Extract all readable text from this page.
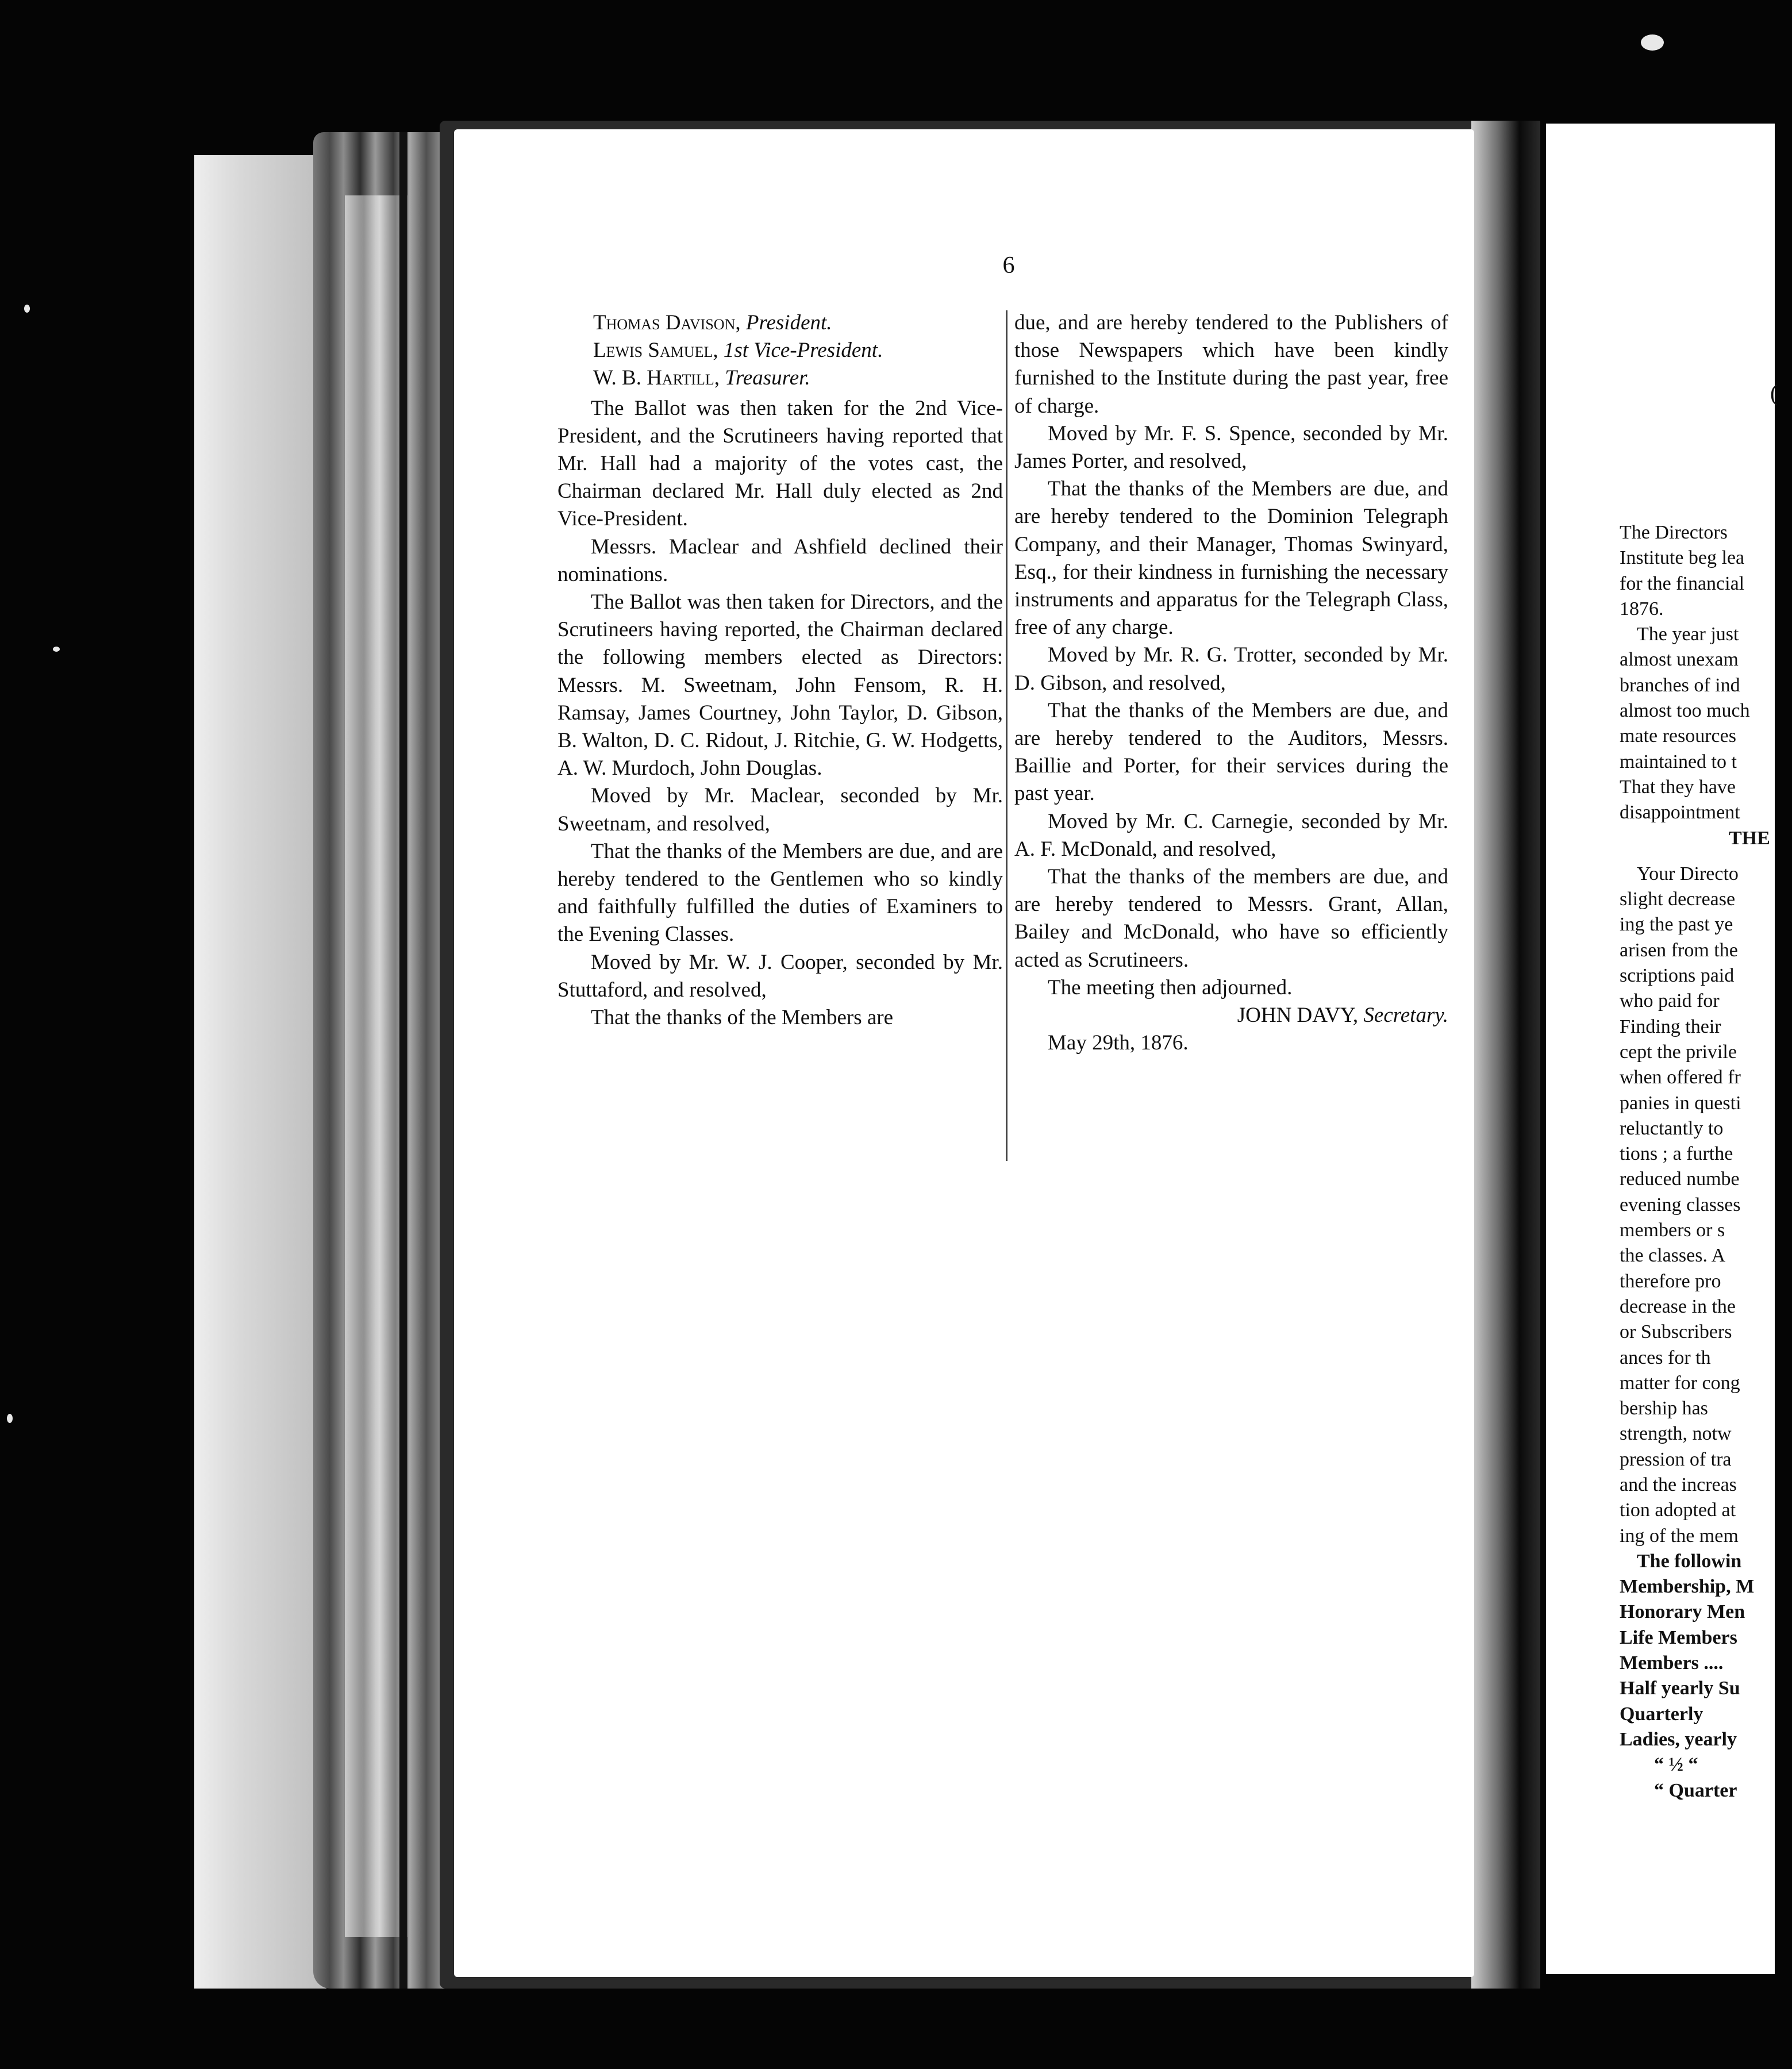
6

Thomas Davison, President.

Lewis Samuel, 1st Vice-President.

W. B. Hartill, Treasurer.

The Ballot was then taken for the 2nd Vice-President, and the Scrutineers having reported that Mr. Hall had a majority of the votes cast, the Chairman declared Mr. Hall duly elected as 2nd Vice-President.

Messrs. Maclear and Ashfield declined their nominations.

The Ballot was then taken for Directors, and the Scrutineers having reported, the Chairman declared the following members elected as Directors: Messrs. M. Sweetnam, John Fensom, R. H. Ramsay, James Courtney, John Taylor, D. Gibson, B. Walton, D. C. Ridout, J. Ritchie, G. W. Hodgetts, A. W. Murdoch, John Douglas.

Moved by Mr. Maclear, seconded by Mr. Sweetnam, and resolved,

That the thanks of the Members are due, and are hereby tendered to the Gentlemen who so kindly and faithfully fulfilled the duties of Examiners to the Evening Classes.

Moved by Mr. W. J. Cooper, seconded by Mr. Stuttaford, and resolved,

That the thanks of the Members are

due, and are hereby tendered to the Publishers of those Newspapers which have been kindly furnished to the Institute during the past year, free of charge.

Moved by Mr. F. S. Spence, seconded by Mr. James Porter, and resolved,

That the thanks of the Members are due, and are hereby tendered to the Dominion Telegraph Company, and their Manager, Thomas Swinyard, Esq., for their kindness in furnishing the necessary instruments and apparatus for the Telegraph Class, free of any charge.

Moved by Mr. R. G. Trotter, seconded by Mr. D. Gibson, and resolved,

That the thanks of the Members are due, and are hereby tendered to the Auditors, Messrs. Baillie and Porter, for their services during the past year.

Moved by Mr. C. Carnegie, seconded by Mr. A. F. McDonald, and resolved,

That the thanks of the members are due, and are hereby tendered to Messrs. Grant, Allan, Bailey and McDonald, who have so efficiently acted as Scrutineers.

The meeting then adjourned.

JOHN DAVY, Secretary.

May 29th, 1876.

(
The Directors
Institute beg lea
for the financial
1876.
The year just
almost unexam
branches of ind
almost too much
mate resources
maintained to t
That they have
disappointment
THE
Your Directo
slight decrease
ing the past ye
arisen from the
scriptions paid
who paid for
Finding their
cept the privile
when offered fr
panies in questi
reluctantly to
tions ; a furthe
reduced numbe
evening classes
members or s
the classes. A
therefore pro
decrease in the
or Subscribers
ances for th
matter for cong
bership has
strength, notw
pression of tra
and the increas
tion adopted at
ing of the mem
The followin
Membership, M
Honorary Men
Life Members
Members ....
Half yearly Su
Quarterly
Ladies, yearly
“ ½ “
“ Quarter
